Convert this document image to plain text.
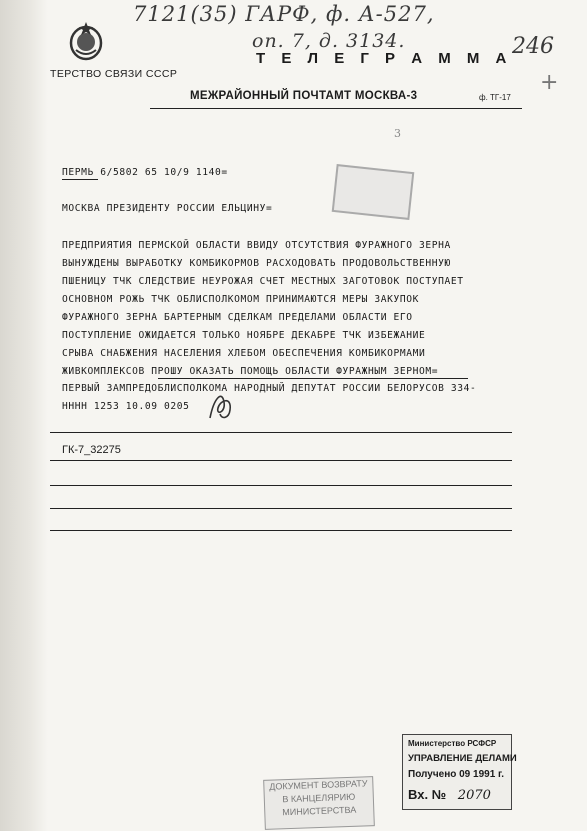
7121(35) ГАРФ, ф. А-527,
оп. 7, д. 3134.	246
+
ТЕРСТВО СВЯЗИ СССР
Т Е Л Е Г Р А М М А
МЕЖРАЙОННЫЙ ПОЧТАМТ МОСКВА-3	ф. ТГ-17
3
ПЕРМЬ 6/5802 65 10/9 1140=
МОСКВА ПРЕЗИДЕНТУ РОССИИ ЕЛЬЦИНУ=
ПРЕДПРИЯТИЯ ПЕРМСКОЙ ОБЛАСТИ ВВИДУ ОТСУТСТВИЯ ФУРАЖНОГО ЗЕРНА
ВЫНУЖДЕНЫ ВЫРАБОТКУ КОМБИКОРМОВ РАСХОДОВАТЬ ПРОДОВОЛЬСТВЕННУЮ
ПШЕНИЦУ ТЧК СЛЕДСТВИЕ НЕУРОЖАЯ СЧЕТ МЕСТНЫХ ЗАГОТОВОК ПОСТУПАЕТ
ОСНОВНОМ РОЖЬ ТЧК ОБЛИСПОЛКОМОМ ПРИНИМАЮТСЯ МЕРЫ ЗАКУПОК
ФУРАЖНОГО ЗЕРНА БАРТЕРНЫМ СДЕЛКАМ ПРЕДЕЛАМИ ОБЛАСТИ ЕГО
ПОСТУПЛЕНИЕ ОЖИДАЕТСЯ ТОЛЬКО НОЯБРЕ ДЕКАБРЕ ТЧК ИЗБЕЖАНИЕ
СРЫВА СНАБЖЕНИЯ НАСЕЛЕНИЯ ХЛЕБОМ ОБЕСПЕЧЕНИЯ КОМБИКОРМАМИ
ЖИВКОМПЛЕКСОВ ПРОШУ ОКАЗАТЬ ПОМОЩЬ ОБЛАСТИ ФУРАЖНЫМ ЗЕРНОМ=
ПЕРВЫЙ ЗАМПРЕДОБЛИСПОЛКОМА НАРОДНЫЙ ДЕПУТАТ РОССИИ БЕЛОРУСОВ 334-
НННН 1253 10.09 0205
ГК-7_32275
ДОКУМЕНТ ВОЗВРАТУ
В КАНЦЕЛЯРИЮ
МИНИСТЕРСТВА
Министерство РСФСР
УПРАВЛЕНИЕ ДЕЛАМИ
Получено 09 1991 г.
Вх. № 2070
